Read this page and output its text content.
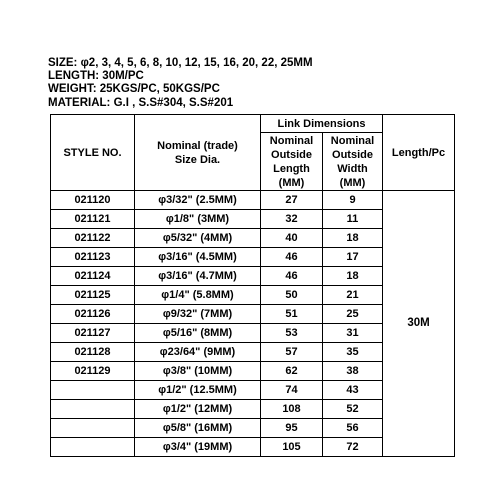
SIZE: φ2, 3, 4, 5, 6, 8, 10, 12, 15, 16, 20, 22, 25MM
LENGTH: 30M/PC
WEIGHT: 25KGS/PC, 50KGS/PC
MATERIAL: G.I , S.S#304, S.S#201
STYLE NO.	Nominal (trade) Size Dia.	Link Dimensions		Length/Pc
		Nominal Outside Length (MM)	Nominal Outside Width (MM)	
021120	φ3/32" (2.5MM)	27	9	30M
021121	φ1/8" (3MM)	32	11	
021122	φ5/32" (4MM)	40	18	
021123	φ3/16" (4.5MM)	46	17	
021124	φ3/16" (4.7MM)	46	18	
021125	φ1/4" (5.8MM)	50	21	
021126	φ9/32" (7MM)	51	25	
021127	φ5/16" (8MM)	53	31	
021128	φ23/64" (9MM)	57	35	
021129	φ3/8" (10MM)	62	38	
	φ1/2" (12.5MM)	74	43	
	φ1/2" (12MM)	108	52	
	φ5/8" (16MM)	95	56	
	φ3/4" (19MM)	105	72	
